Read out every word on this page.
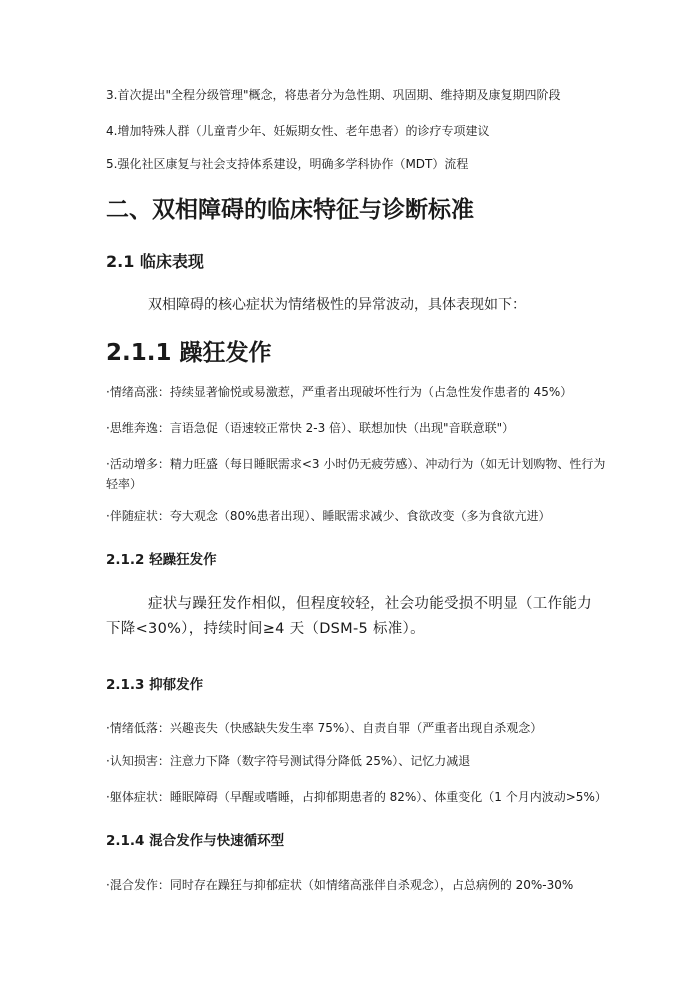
3.首次提出"全程分级管理"概念，将患者分为急性期、巩固期、维持期及康复期四阶段
4.增加特殊人群（儿童青少年、妊娠期女性、老年患者）的诊疗专项建议
5.强化社区康复与社会支持体系建设，明确多学科协作（MDT）流程
二、双相障碍的临床特征与诊断标准
2.1 临床表现
双相障碍的核心症状为情绪极性的异常波动，具体表现如下：
2.1.1 躁狂发作
·情绪高涨：持续显著愉悦或易激惹，严重者出现破坏性行为（占急性发作患者的 45%）
·思维奔逸：言语急促（语速较正常快 2-3 倍）、联想加快（出现"音联意联"）
·活动增多：精力旺盛（每日睡眠需求<3 小时仍无疲劳感）、冲动行为（如无计划购物、性行为轻率）
·伴随症状：夸大观念（80%患者出现）、睡眠需求减少、食欲改变（多为食欲亢进）
2.1.2 轻躁狂发作
症状与躁狂发作相似，但程度较轻，社会功能受损不明显（工作能力下降<30%），持续时间≥4 天（DSM-5 标准）。
2.1.3 抑郁发作
·情绪低落：兴趣丧失（快感缺失发生率 75%）、自责自罪（严重者出现自杀观念）
·认知损害：注意力下降（数字符号测试得分降低 25%）、记忆力减退
·躯体症状：睡眠障碍（早醒或嗜睡，占抑郁期患者的 82%）、体重变化（1 个月内波动>5%）
2.1.4 混合发作与快速循环型
·混合发作：同时存在躁狂与抑郁症状（如情绪高涨伴自杀观念），占总病例的 20%-30%
